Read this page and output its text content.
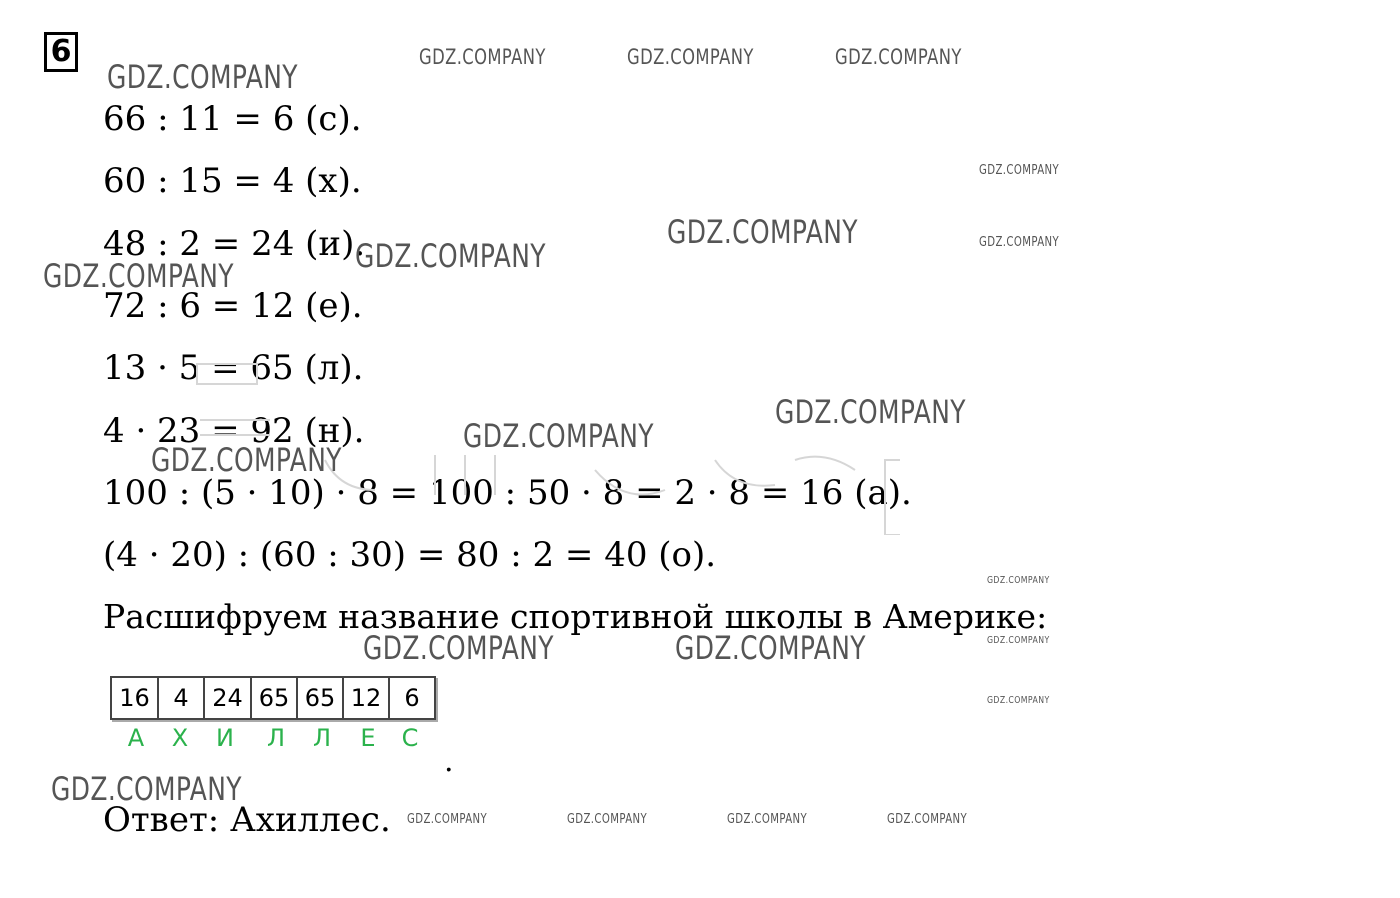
6
66 : 11 = 6 (с).
60 : 15 = 4 (х).
48 : 2 = 24 (и).
72 : 6 = 12 (е).
13 · 5 = 65 (л).
4 · 23 = 92 (н).
100 : (5 · 10) · 8 = 100 : 50 · 8 = 2 · 8 = 16 (а).
(4 · 20) : (60 : 30) = 80 : 2 = 40 (о).
Расшифруем название спортивной школы в Америке:
16 4 24 65 65 12 6
А	Х	И	Л	Л	Е	С
.
Ответ: Ахиллес.
GDZ.COMPANY
GDZ.COMPANY	GDZ.COMPANY	GDZ.COMPANY
GDZ.COMPANY
GDZ.COMPANY
GDZ.COMPANY
GDZ.COMPANY
GDZ.COMPANY
GDZ.COMPANY
GDZ.COMPANY
GDZ.COMPANY
GDZ.COMPANY
GDZ.COMPANY
GDZ.COMPANY
GDZ.COMPANY	GDZ.COMPANY
GDZ.COMPANY
GDZ.COMPANY	GDZ.COMPANY	GDZ.COMPANY	GDZ.COMPANY
